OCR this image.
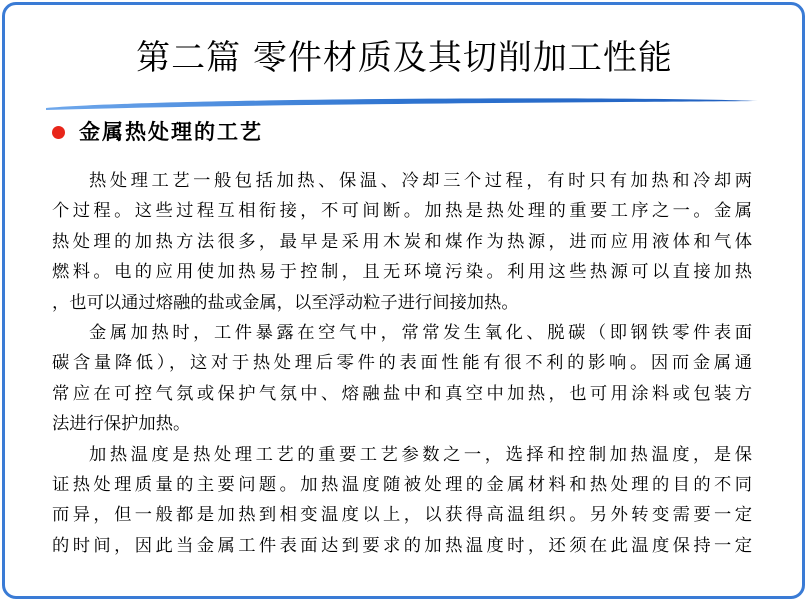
第二篇 零件材质及其切削加工性能
金属热处理的工艺
热处理工艺一般包括加热、保温、冷却三个过程，有时只有加热和冷却两
个过程。这些过程互相衔接，不可间断。加热是热处理的重要工序之一。金属
热处理的加热方法很多，最早是采用木炭和煤作为热源，进而应用液体和气体
燃料。电的应用使加热易于控制，且无环境污染。利用这些热源可以直接加热
，也可以通过熔融的盐或金属，以至浮动粒子进行间接加热。
金属加热时，工件暴露在空气中，常常发生氧化、脱碳（即钢铁零件表面
碳含量降低），这对于热处理后零件的表面性能有很不利的影响。因而金属通
常应在可控气氛或保护气氛中、熔融盐中和真空中加热，也可用涂料或包装方
法进行保护加热。
加热温度是热处理工艺的重要工艺参数之一，选择和控制加热温度，是保
证热处理质量的主要问题。加热温度随被处理的金属材料和热处理的目的不同
而异，但一般都是加热到相变温度以上，以获得高温组织。另外转变需要一定
的时间，因此当金属工件表面达到要求的加热温度时，还须在此温度保持一定
